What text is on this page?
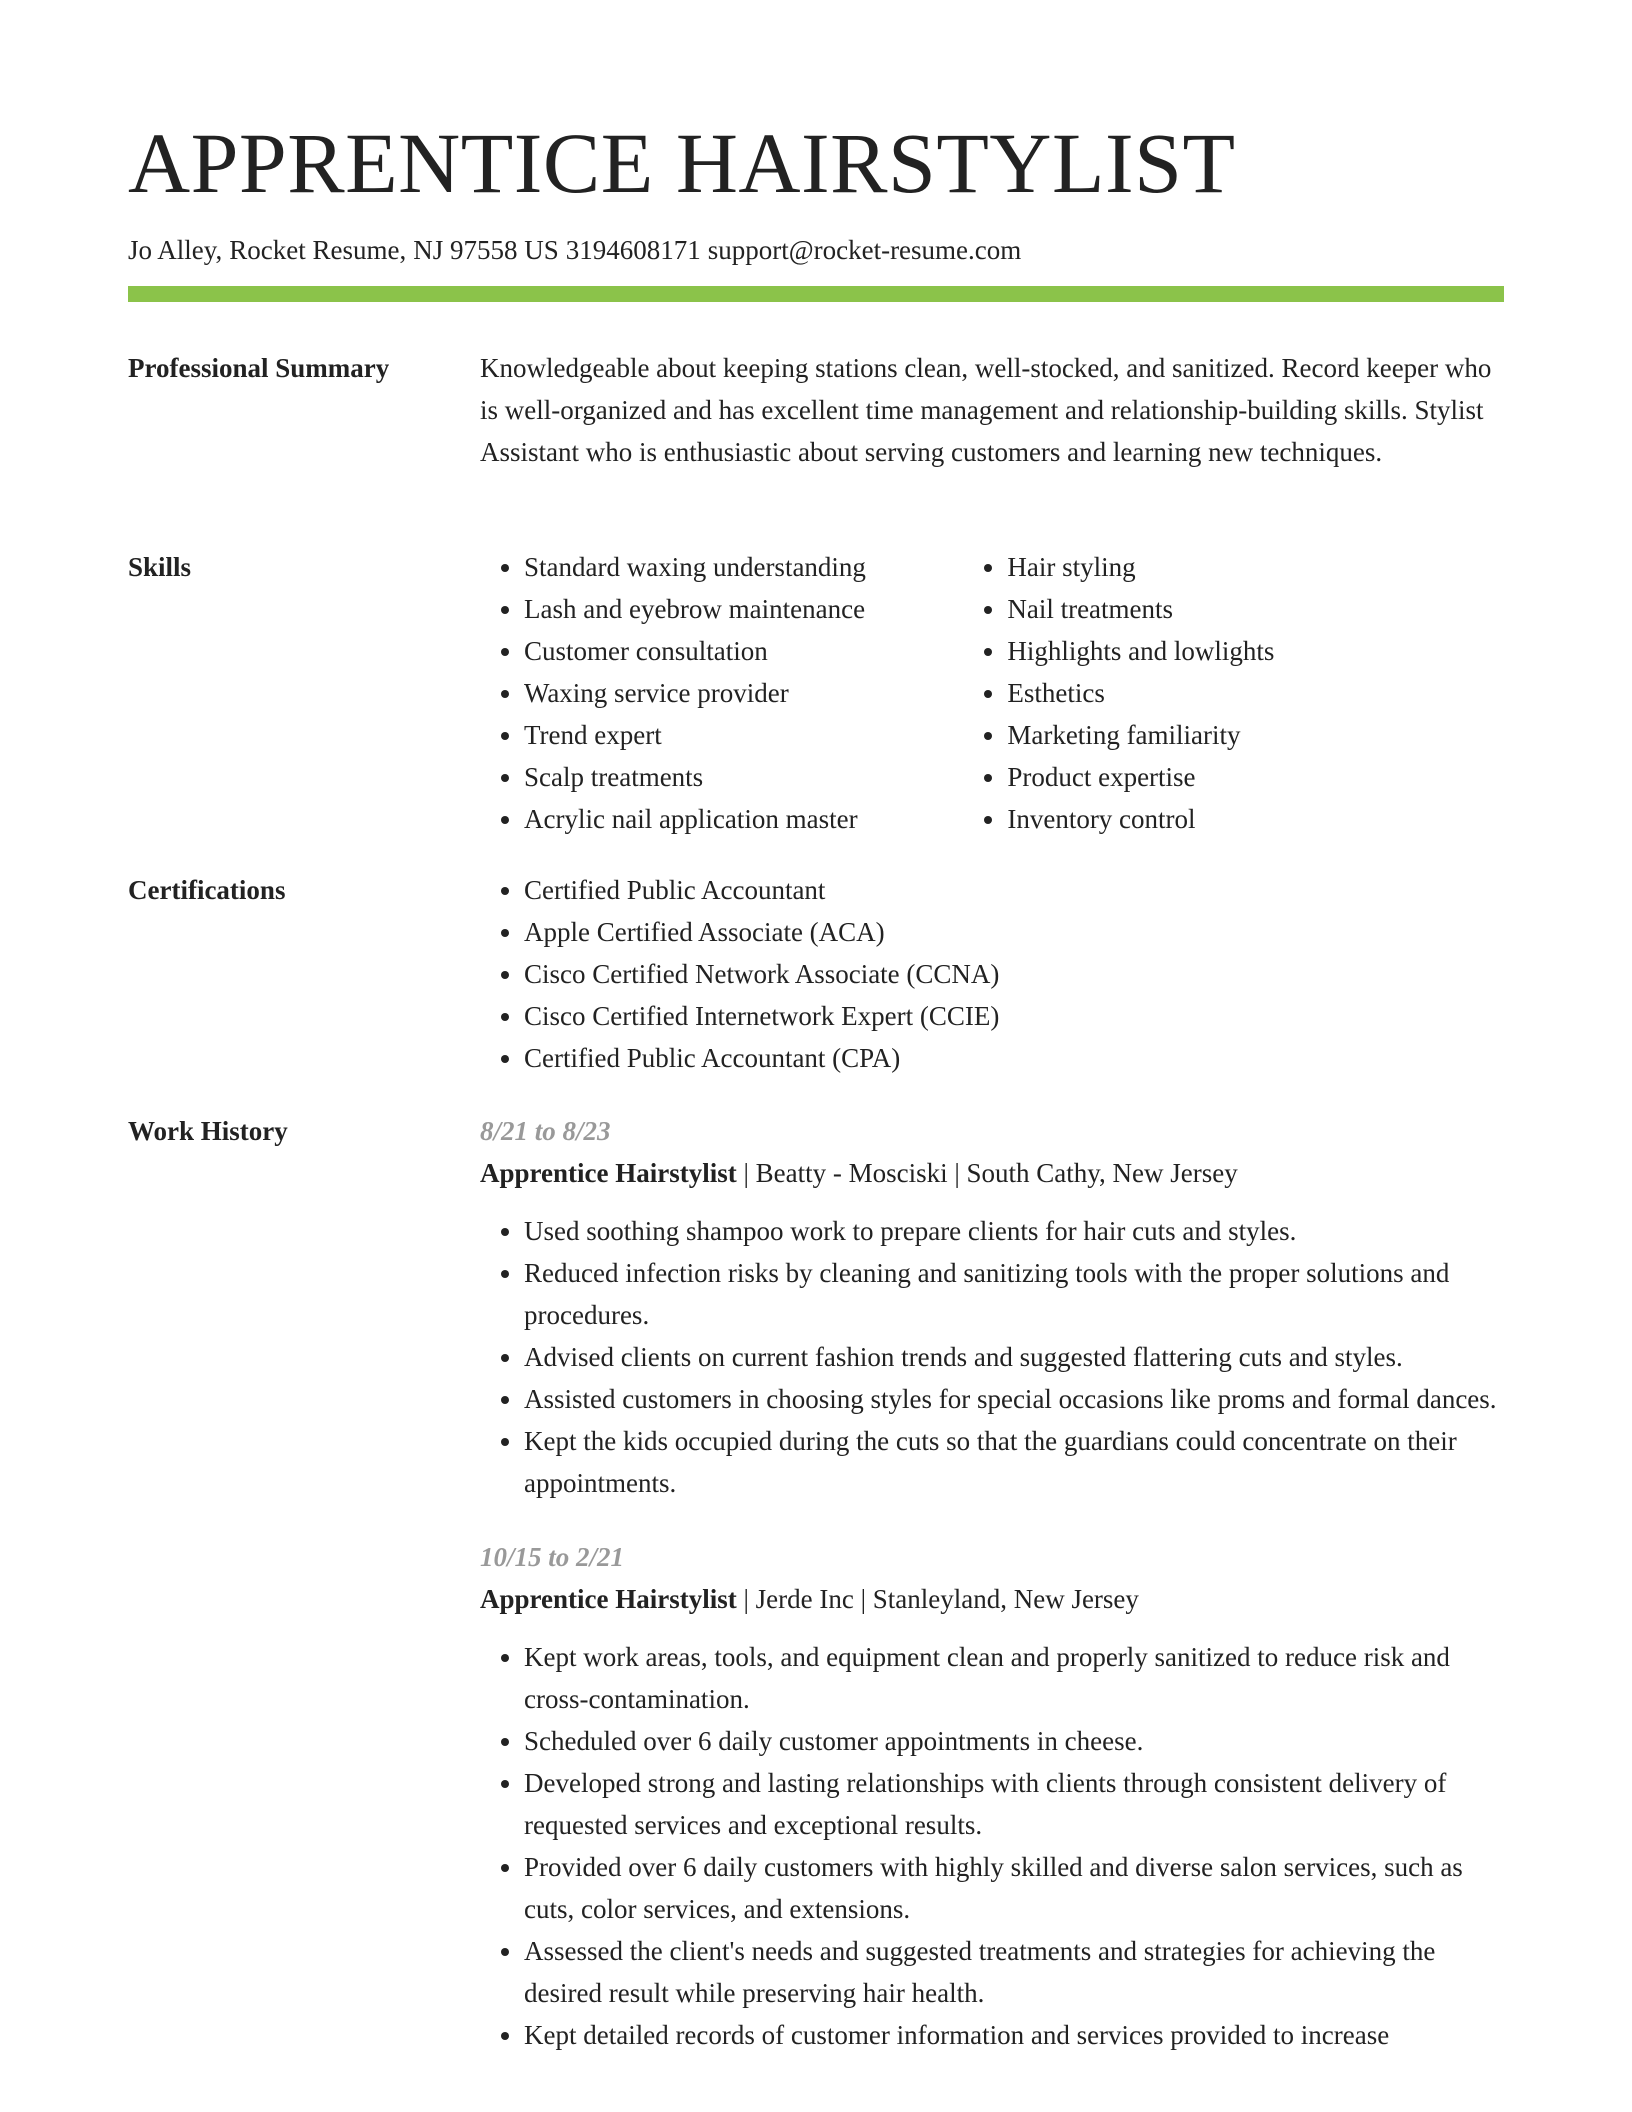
APPRENTICE HAIRSTYLIST
Jo Alley, Rocket Resume, NJ 97558 US 3194608171 support@rocket-resume.com
Professional Summary	Knowledgeable about keeping stations clean, well-stocked, and sanitized. Record keeper who is well-organized and has excellent time management and relationship-building skills. Stylist Assistant who is enthusiastic about serving customers and learning new techniques.

Skills	• Standard waxing understanding
• Lash and eyebrow maintenance
• Customer consultation
• Waxing service provider
• Trend expert
• Scalp treatments
• Acrylic nail application master
• Hair styling
• Nail treatments
• Highlights and lowlights
• Esthetics
• Marketing familiarity
• Product expertise
• Inventory control
Certifications	• Certified Public Accountant
• Apple Certified Associate (ACA)
• Cisco Certified Network Associate (CCNA)
• Cisco Certified Internetwork Expert (CCIE)
• Certified Public Accountant (CPA)
Work History	8/21 to 8/23
Apprentice Hairstylist | Beatty - Mosciski | South Cathy, New Jersey
• Used soothing shampoo work to prepare clients for hair cuts and styles.
• Reduced infection risks by cleaning and sanitizing tools with the proper solutions and procedures.
• Advised clients on current fashion trends and suggested flattering cuts and styles.
• Assisted customers in choosing styles for special occasions like proms and formal dances.
• Kept the kids occupied during the cuts so that the guardians could concentrate on their appointments.
10/15 to 2/21
Apprentice Hairstylist | Jerde Inc | Stanleyland, New Jersey
• Kept work areas, tools, and equipment clean and properly sanitized to reduce risk and cross-contamination.
• Scheduled over 6 daily customer appointments in cheese.
• Developed strong and lasting relationships with clients through consistent delivery of requested services and exceptional results.
• Provided over 6 daily customers with highly skilled and diverse salon services, such as cuts, color services, and extensions.
• Assessed the client's needs and suggested treatments and strategies for achieving the desired result while preserving hair health.
• Kept detailed records of customer information and services provided to increase
